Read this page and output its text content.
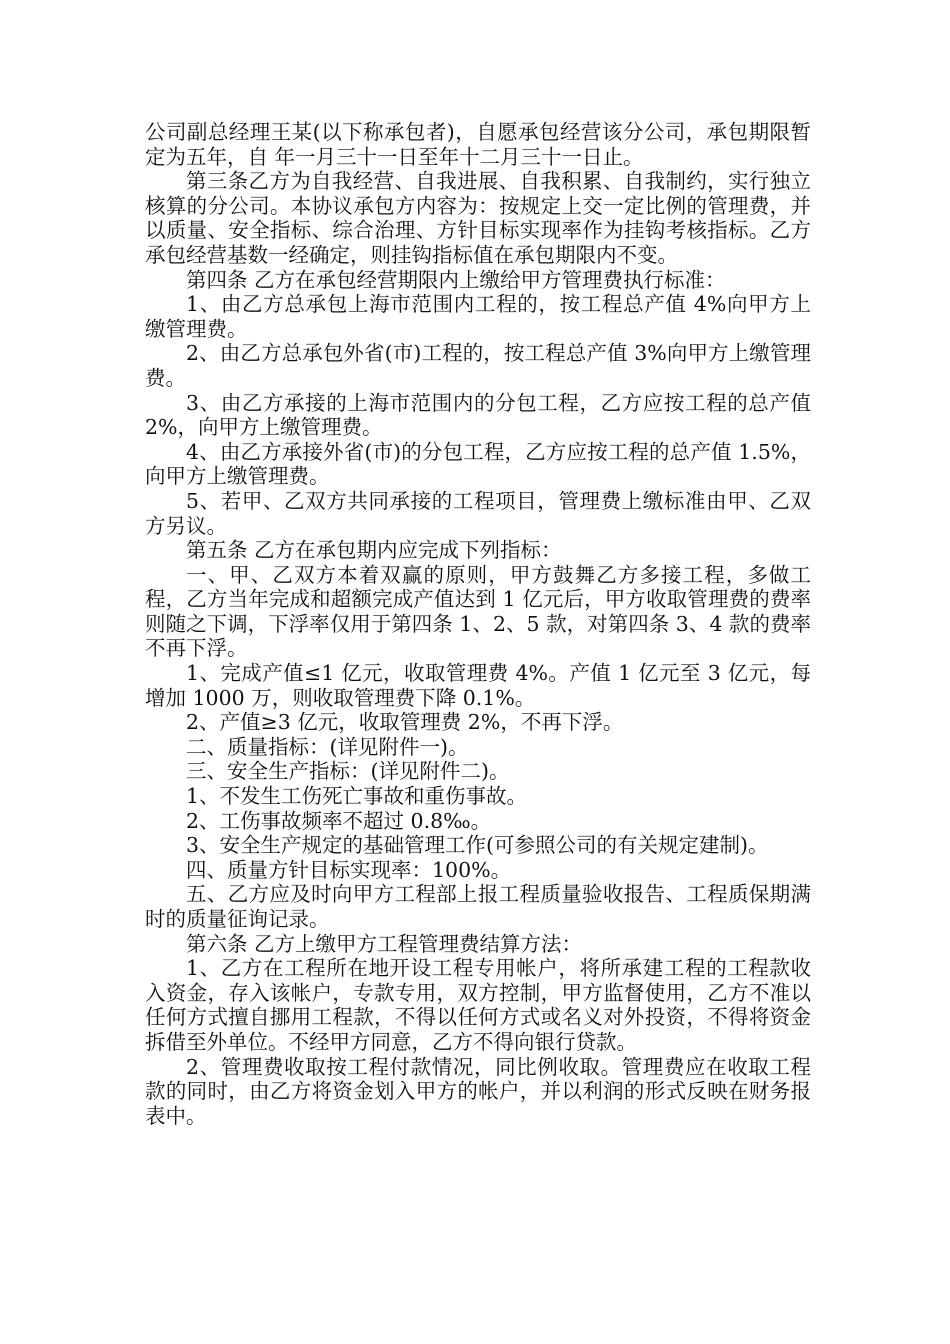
公司副总经理王某(以下称承包者)，自愿承包经营该分公司，承包期限暂定为五年，自 年一月三十一日至年十二月三十一日止。

第三条乙方为自我经营、自我进展、自我积累、自我制约，实行独立核算的分公司。本协议承包方内容为：按规定上交一定比例的管理费，并以质量、安全指标、综合治理、方针目标实现率作为挂钩考核指标。乙方承包经营基数一经确定，则挂钩指标值在承包期限内不变。

第四条 乙方在承包经营期限内上缴给甲方管理费执行标准：

1、由乙方总承包上海市范围内工程的，按工程总产值 4%向甲方上缴管理费。

2、由乙方总承包外省(市)工程的，按工程总产值 3%向甲方上缴管理费。

3、由乙方承接的上海市范围内的分包工程，乙方应按工程的总产值 2%，向甲方上缴管理费。

4、由乙方承接外省(市)的分包工程，乙方应按工程的总产值 1.5%，向甲方上缴管理费。

5、若甲、乙双方共同承接的工程项目，管理费上缴标准由甲、乙双方另议。

第五条 乙方在承包期内应完成下列指标：

一、甲、乙双方本着双赢的原则，甲方鼓舞乙方多接工程，多做工程，乙方当年完成和超额完成产值达到 1 亿元后，甲方收取管理费的费率则随之下调，下浮率仅用于第四条 1、2、5 款，对第四条 3、4 款的费率不再下浮。

1、完成产值≤1 亿元，收取管理费 4%。产值 1 亿元至 3 亿元，每增加 1000 万，则收取管理费下降 0.1%。

2、产值≥3 亿元，收取管理费 2%，不再下浮。

二、质量指标：(详见附件一)。

三、安全生产指标：(详见附件二)。

1、不发生工伤死亡事故和重伤事故。

2、工伤事故频率不超过 0.8‰。

3、安全生产规定的基础管理工作(可参照公司的有关规定建制)。

四、质量方针目标实现率：100%。

五、乙方应及时向甲方工程部上报工程质量验收报告、工程质保期满时的质量征询记录。

第六条 乙方上缴甲方工程管理费结算方法：

1、乙方在工程所在地开设工程专用帐户，将所承建工程的工程款收入资金，存入该帐户，专款专用，双方控制，甲方监督使用，乙方不准以任何方式擅自挪用工程款，不得以任何方式或名义对外投资，不得将资金拆借至外单位。不经甲方同意，乙方不得向银行贷款。

2、管理费收取按工程付款情况，同比例收取。管理费应在收取工程款的同时，由乙方将资金划入甲方的帐户，并以利润的形式反映在财务报表中。
